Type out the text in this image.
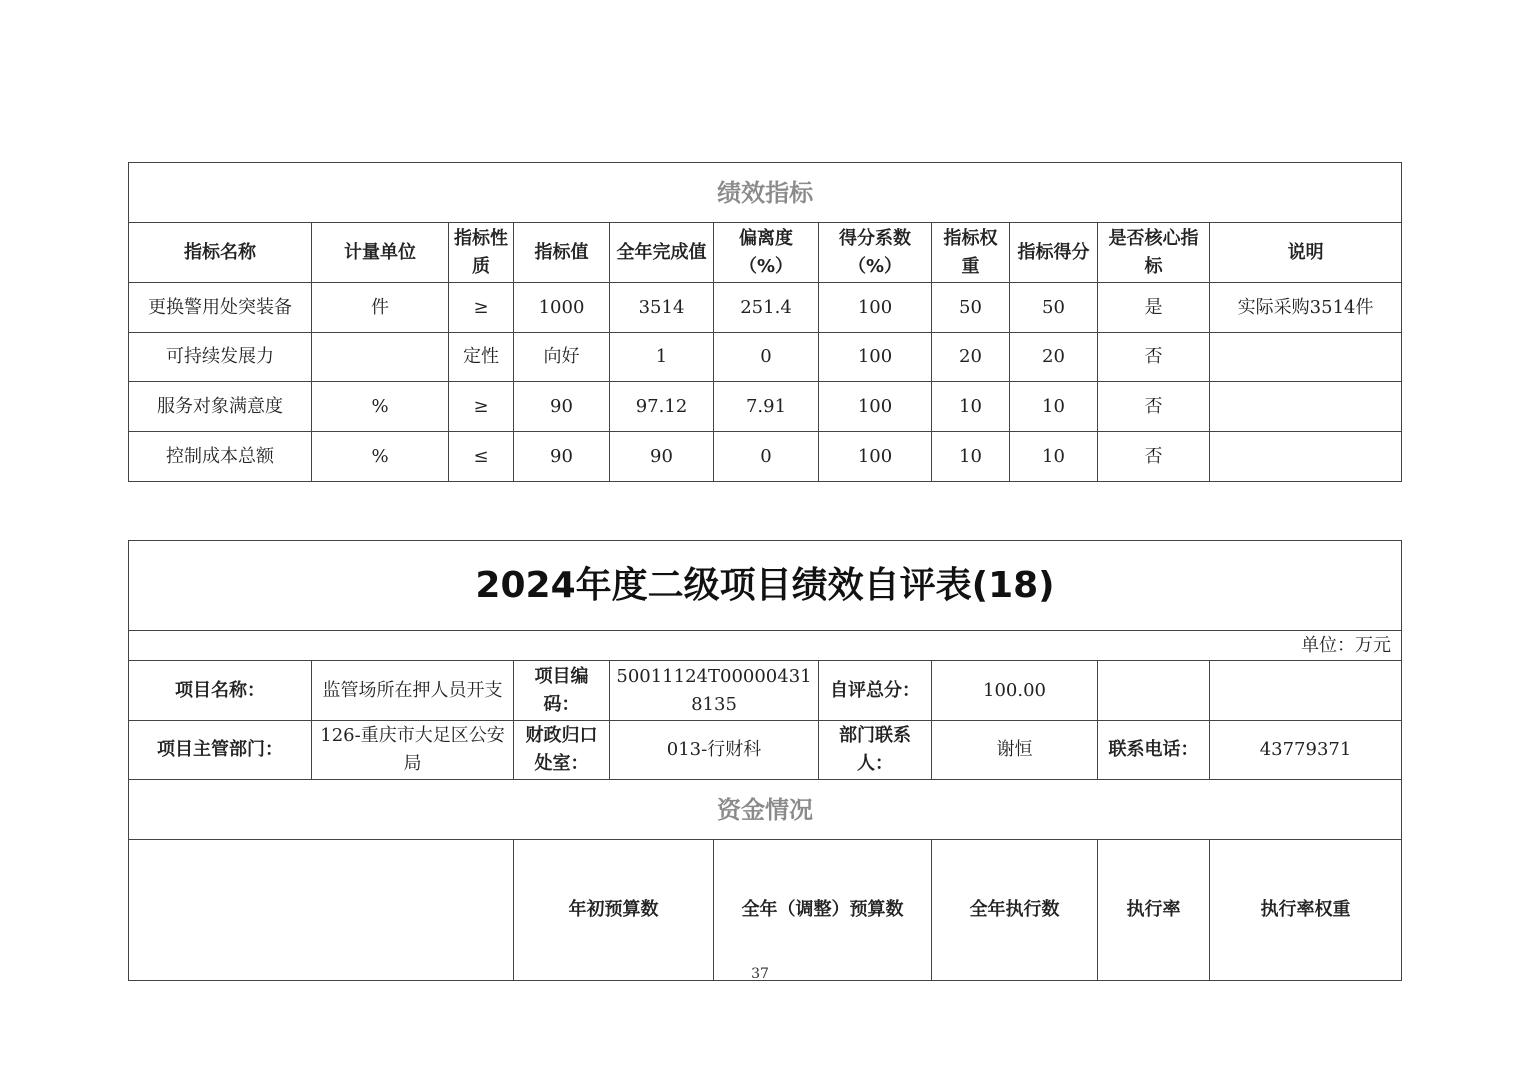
绩效指标										
指标名称	计量单位	指标性质	指标值	全年完成值	偏离度（%）	得分系数（%）	指标权重	指标得分	是否核心指标	说明
更换警用处突装备	件	≥	1000	3514	251.4	100	50	50	是	实际采购3514件
可持续发展力		定性	向好	1	0	100	20	20	否	
服务对象满意度	%	≥	90	97.12	7.91	100	10	10	否	
控制成本总额	%	≤	90	90	0	100	10	10	否	
2024年度二级项目绩效自评表(18)									
单位：万元									
项目名称：	监管场所在押人员开支	项目编码：	50011124T000004318135		自评总分：	100.00			
项目主管部门：	126-重庆市大足区公安局	财政归口处室：	013-行财科		部门联系人：	谢恒	联系电话：	43779371	
资金情况									
		年初预算数		全年（调整）预算数		全年执行数	执行率	执行率权重	
37
